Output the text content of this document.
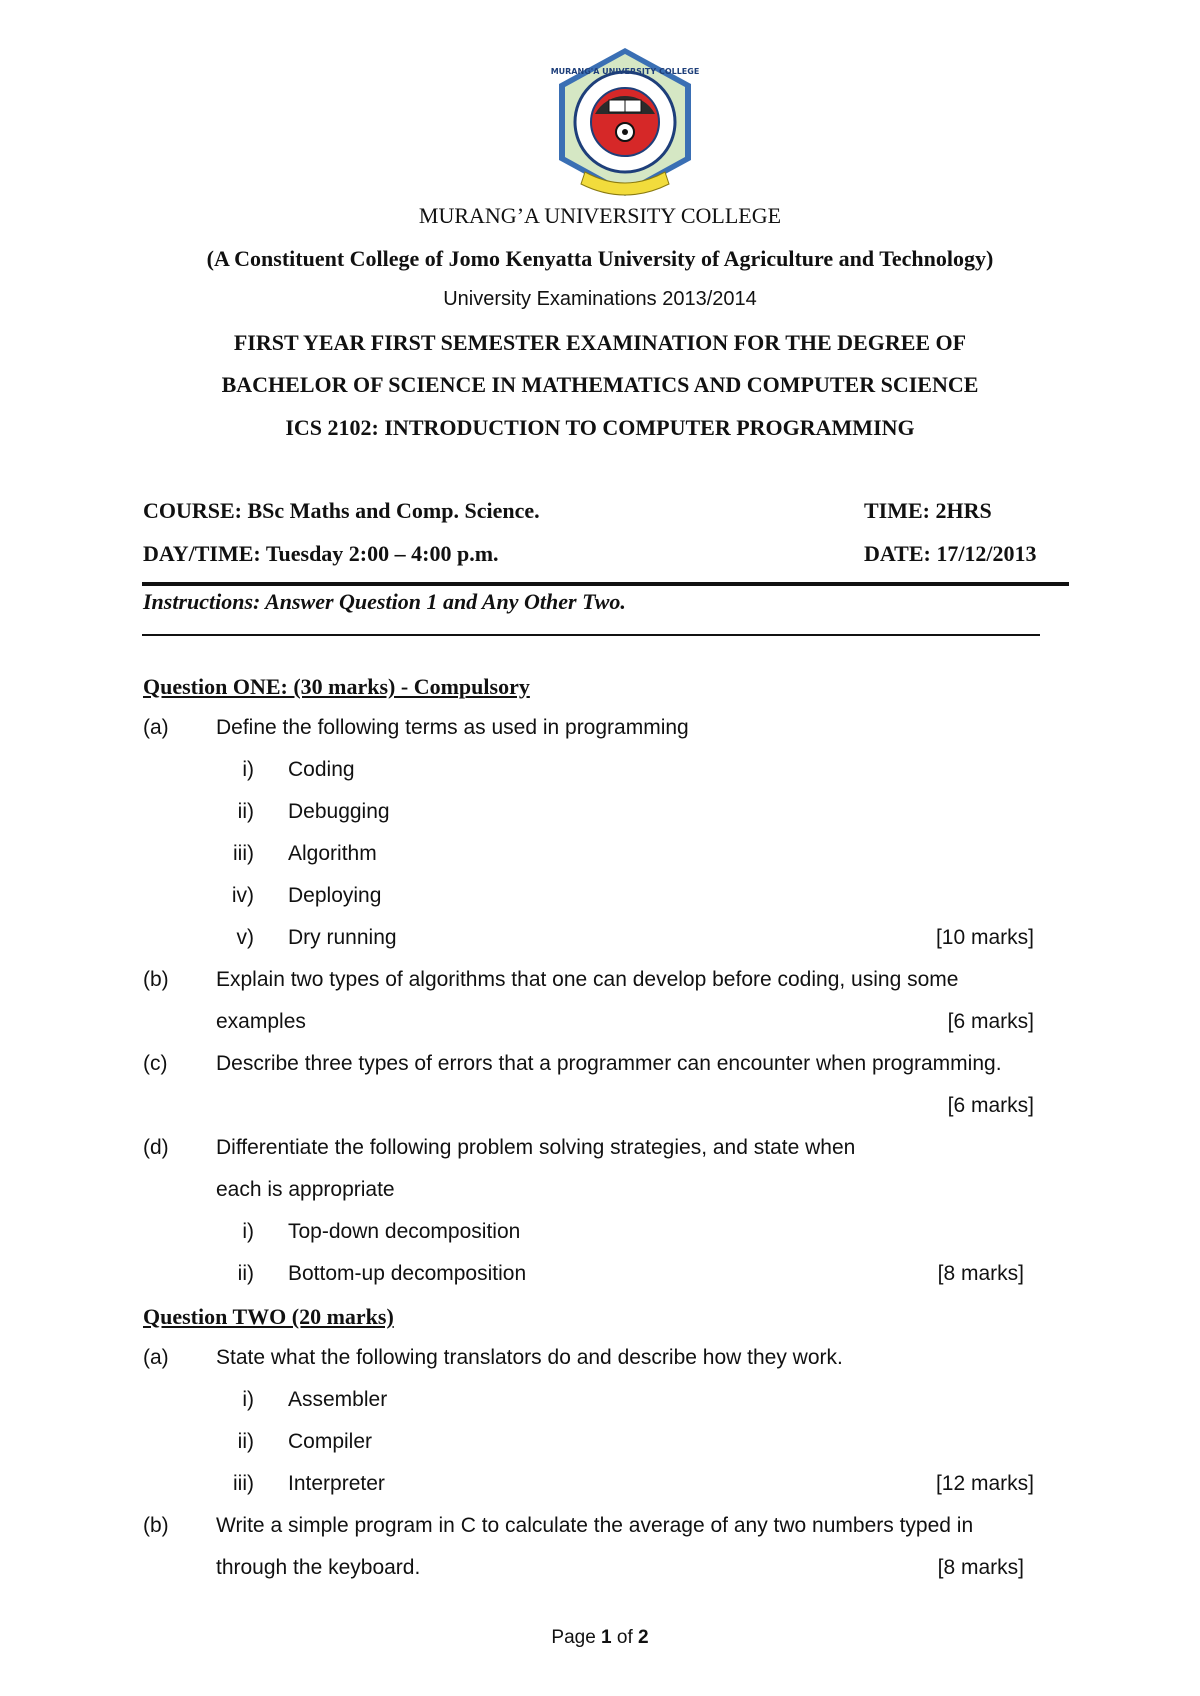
MURANG'A UNIVERSITY COLLEGE
MURANG’A UNIVERSITY COLLEGE
(A Constituent College of Jomo Kenyatta University of Agriculture and Technology)
University Examinations 2013/2014
FIRST YEAR FIRST SEMESTER EXAMINATION FOR THE DEGREE OF
BACHELOR OF SCIENCE IN MATHEMATICS AND COMPUTER SCIENCE
ICS 2102: INTRODUCTION TO COMPUTER PROGRAMMING
COURSE: BSc Maths and Comp. Science.	TIME: 2HRS
DAY/TIME: Tuesday 2:00 – 4:00 p.m.	DATE: 17/12/2013
Instructions: Answer Question 1 and Any Other Two.
Question ONE: (30 marks) - Compulsory
(a) Define the following terms as used in programming
i) Coding
ii) Debugging
iii) Algorithm
iv) Deploying
v) Dry running	[10 marks]
(b) Explain two types of algorithms that one can develop before coding, using some
examples	[6 marks]
(c) Describe three types of errors that a programmer can encounter when programming.
[6 marks]
(d) Differentiate the following problem solving strategies, and state when
each is appropriate
i) Top-down decomposition
ii) Bottom-up decomposition	[8 marks]
Question TWO (20 marks)
(a) State what the following translators do and describe how they work.
i) Assembler
ii) Compiler
iii) Interpreter	[12 marks]
(b) Write a simple program in C to calculate the average of any two numbers typed in
through the keyboard.	[8 marks]
Page 1 of 2
